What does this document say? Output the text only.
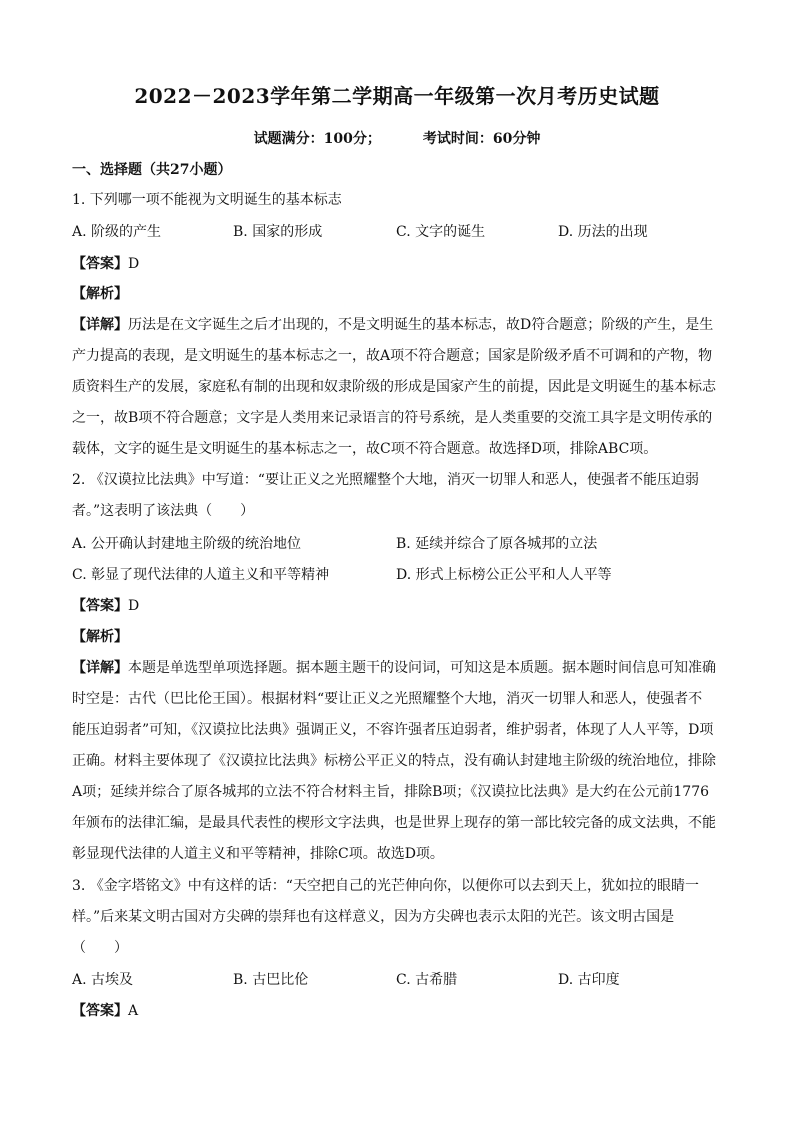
2022－2023学年第二学期高一年级第一次月考历史试题
试题满分：100分；	考试时间：60分钟
一、选择题（共27小题）
1. 下列哪一项不能视为文明诞生的基本标志
A. 阶级的产生	B. 国家的形成	C. 文字的诞生	D. 历法的出现
【答案】D
【解析】
【详解】历法是在文字诞生之后才出现的，不是文明诞生的基本标志，故D符合题意；阶级的产生，是生
产力提高的表现，是文明诞生的基本标志之一，故A项不符合题意；国家是阶级矛盾不可调和的产物，物
质资料生产的发展，家庭私有制的出现和奴隶阶级的形成是国家产生的前提，因此是文明诞生的基本标志
之一，故B项不符合题意；文字是人类用来记录语言的符号系统，是人类重要的交流工具字是文明传承的
载体，文字的诞生是文明诞生的基本标志之一，故C项不符合题意。故选择D项，排除ABC项。
2. 《汉谟拉比法典》中写道：“要让正义之光照耀整个大地，消灭一切罪人和恶人，使强者不能压迫弱
者。”这表明了该法典（　　）
A. 公开确认封建地主阶级的统治地位	B. 延续并综合了原各城邦的立法
C. 彰显了现代法律的人道主义和平等精神	D. 形式上标榜公正公平和人人平等
【答案】D
【解析】
【详解】本题是单选型单项选择题。据本题主题干的设问词，可知这是本质题。据本题时间信息可知准确
时空是：古代（巴比伦王国）。根据材料“要让正义之光照耀整个大地，消灭一切罪人和恶人，使强者不
能压迫弱者”可知，《汉谟拉比法典》强调正义，不容许强者压迫弱者，维护弱者，体现了人人平等，D项
正确。材料主要体现了《汉谟拉比法典》标榜公平正义的特点，没有确认封建地主阶级的统治地位，排除
A项；延续并综合了原各城邦的立法不符合材料主旨，排除B项；《汉谟拉比法典》是大约在公元前1776
年颁布的法律汇编，是最具代表性的楔形文字法典，也是世界上现存的第一部比较完备的成文法典，不能
彰显现代法律的人道主义和平等精神，排除C项。故选D项。
3. 《金字塔铭文》中有这样的话：“天空把自己的光芒伸向你，以便你可以去到天上，犹如拉的眼睛一
样。”后来某文明古国对方尖碑的崇拜也有这样意义，因为方尖碑也表示太阳的光芒。该文明古国是
（　　）
A. 古埃及	B. 古巴比伦	C. 古希腊	D. 古印度
【答案】A
